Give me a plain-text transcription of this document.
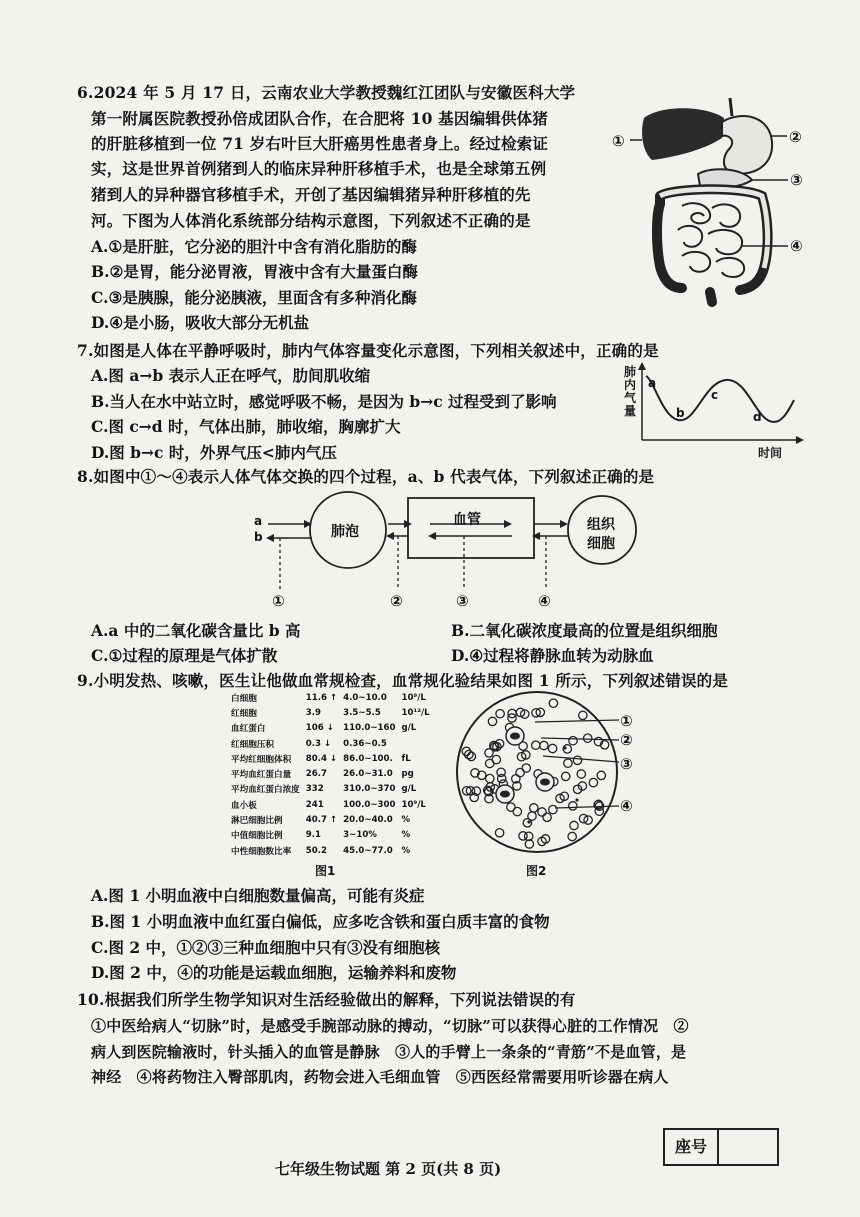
6.2024 年 5 月 17 日，云南农业大学教授魏红江团队与安徽医科大学
第一附属医院教授孙倍成团队合作，在合肥将 10 基因编辑供体猪
的肝脏移植到一位 71 岁右叶巨大肝癌男性患者身上。经过检索证
实，这是世界首例猪到人的临床异种肝移植手术，也是全球第五例
猪到人的异种器官移植手术，开创了基因编辑猪异种肝移植的先
河。下图为人体消化系统部分结构示意图，下列叙述不正确的是
A.①是肝脏，它分泌的胆汁中含有消化脂肪的酶
B.②是胃，能分泌胃液，胃液中含有大量蛋白酶
C.③是胰腺，能分泌胰液，里面含有多种消化酶
D.④是小肠，吸收大部分无机盐
①	②
③
④
7.如图是人体在平静呼吸时，肺内气体容量变化示意图，下列相关叙述中，正确的是
A.图 a→b 表示人正在呼气，肋间肌收缩
B.当人在水中站立时，感觉呼吸不畅，是因为 b→c 过程受到了影响
C.图 c→d 时，气体出肺，肺收缩，胸廓扩大
D.图 b→c 时，外界气压<肺内气压
肺内气量
a
b
c
d
时间
8.如图中①～④表示人体气体交换的四个过程，a、b 代表气体，下列叙述正确的是
a
b	肺泡
血管	组织
细胞
①	②	③	④
A.a 中的二氧化碳含量比 b 高	B.二氧化碳浓度最高的位置是组织细胞
C.①过程的原理是气体扩散	D.④过程将静脉血转为动脉血
9.小明发热、咳嗽，医生让他做血常规检查，血常规化验结果如图 1 所示，下列叙述错误的是
白细胞	11.6 ↑	4.0~10.0	10⁹/L
红细胞	3.9	3.5~5.5	10¹²/L
血红蛋白	106 ↓	110.0~160	g/L
红细胞压积	0.3 ↓	0.36~0.5	
平均红细胞体积	80.4 ↓	86.0~100.	fL
平均血红蛋白量	26.7	26.0~31.0	pg
平均血红蛋白浓度	332	310.0~370	g/L
血小板	241	100.0~300	10⁹/L
淋巴细胞比例	40.7 ↑	20.0~40.0	%
中值细胞比例	9.1	3~10%	%
中性细胞数比率	50.2	45.0~77.0	%
图1	图2
①
②
③
④
A.图 1 小明血液中白细胞数量偏高，可能有炎症
B.图 1 小明血液中血红蛋白偏低，应多吃含铁和蛋白质丰富的食物
C.图 2 中，①②③三种血细胞中只有③没有细胞核
D.图 2 中，④的功能是运载血细胞，运输养料和废物
10.根据我们所学生物学知识对生活经验做出的解释，下列说法错误的有
①中医给病人“切脉”时，是感受手腕部动脉的搏动，“切脉”可以获得心脏的工作情况　②
病人到医院输液时，针头插入的血管是静脉　③人的手臂上一条条的“青筋”不是血管，是
神经　④将药物注入臀部肌肉，药物会进入毛细血管　⑤西医经常需要用听诊器在病人
七年级生物试题 第 2 页(共 8 页)
座号
